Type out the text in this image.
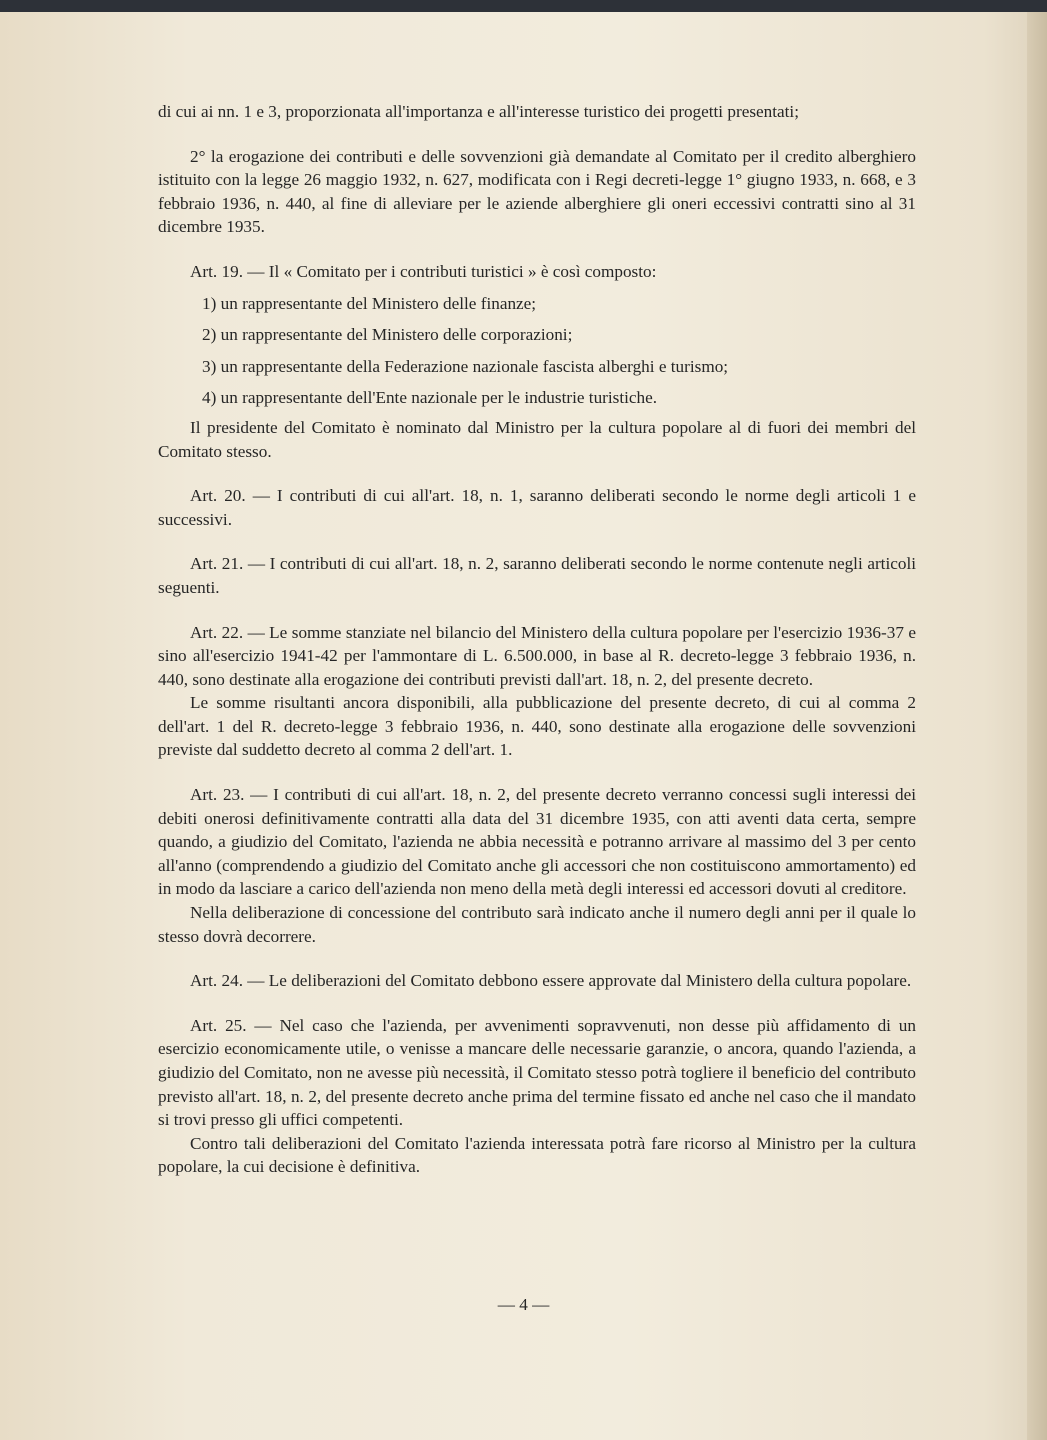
di cui ai nn. 1 e 3, proporzionata all'importanza e all'interesse turistico dei progetti presentati;

2° la erogazione dei contributi e delle sovvenzioni già demandate al Comitato per il credito alberghiero istituito con la legge 26 maggio 1932, n. 627, modificata con i Regi decreti-legge 1° giugno 1933, n. 668, e 3 febbraio 1936, n. 440, al fine di alleviare per le aziende alberghiere gli oneri eccessivi contratti sino al 31 dicembre 1935.

Art. 19. — Il « Comitato per i contributi turistici » è così composto:

1) un rappresentante del Ministero delle finanze;

2) un rappresentante del Ministero delle corporazioni;

3) un rappresentante della Federazione nazionale fascista alberghi e turismo;

4) un rappresentante dell'Ente nazionale per le industrie turistiche.

Il presidente del Comitato è nominato dal Ministro per la cultura popolare al di fuori dei membri del Comitato stesso.

Art. 20. — I contributi di cui all'art. 18, n. 1, saranno deliberati secondo le norme degli articoli 1 e successivi.

Art. 21. — I contributi di cui all'art. 18, n. 2, saranno deliberati secondo le norme contenute negli articoli seguenti.

Art. 22. — Le somme stanziate nel bilancio del Ministero della cultura popolare per l'esercizio 1936-37 e sino all'esercizio 1941-42 per l'ammontare di L. 6.500.000, in base al R. decreto-legge 3 febbraio 1936, n. 440, sono destinate alla erogazione dei contributi previsti dall'art. 18, n. 2, del presente decreto.

Le somme risultanti ancora disponibili, alla pubblicazione del presente decreto, di cui al comma 2 dell'art. 1 del R. decreto-legge 3 febbraio 1936, n. 440, sono destinate alla erogazione delle sovvenzioni previste dal suddetto decreto al comma 2 dell'art. 1.

Art. 23. — I contributi di cui all'art. 18, n. 2, del presente decreto verranno concessi sugli interessi dei debiti onerosi definitivamente contratti alla data del 31 dicembre 1935, con atti aventi data certa, sempre quando, a giudizio del Comitato, l'azienda ne abbia necessità e potranno arrivare al massimo del 3 per cento all'anno (comprendendo a giudizio del Comitato anche gli accessori che non costituiscono ammortamento) ed in modo da lasciare a carico dell'azienda non meno della metà degli interessi ed accessori dovuti al creditore.

Nella deliberazione di concessione del contributo sarà indicato anche il numero degli anni per il quale lo stesso dovrà decorrere.

Art. 24. — Le deliberazioni del Comitato debbono essere approvate dal Ministero della cultura popolare.

Art. 25. — Nel caso che l'azienda, per avvenimenti sopravvenuti, non desse più affidamento di un esercizio economicamente utile, o venisse a mancare delle necessarie garanzie, o ancora, quando l'azienda, a giudizio del Comitato, non ne avesse più necessità, il Comitato stesso potrà togliere il beneficio del contributo previsto all'art. 18, n. 2, del presente decreto anche prima del termine fissato ed anche nel caso che il mandato si trovi presso gli uffici competenti.

Contro tali deliberazioni del Comitato l'azienda interessata potrà fare ricorso al Ministro per la cultura popolare, la cui decisione è definitiva.

— 4 —
